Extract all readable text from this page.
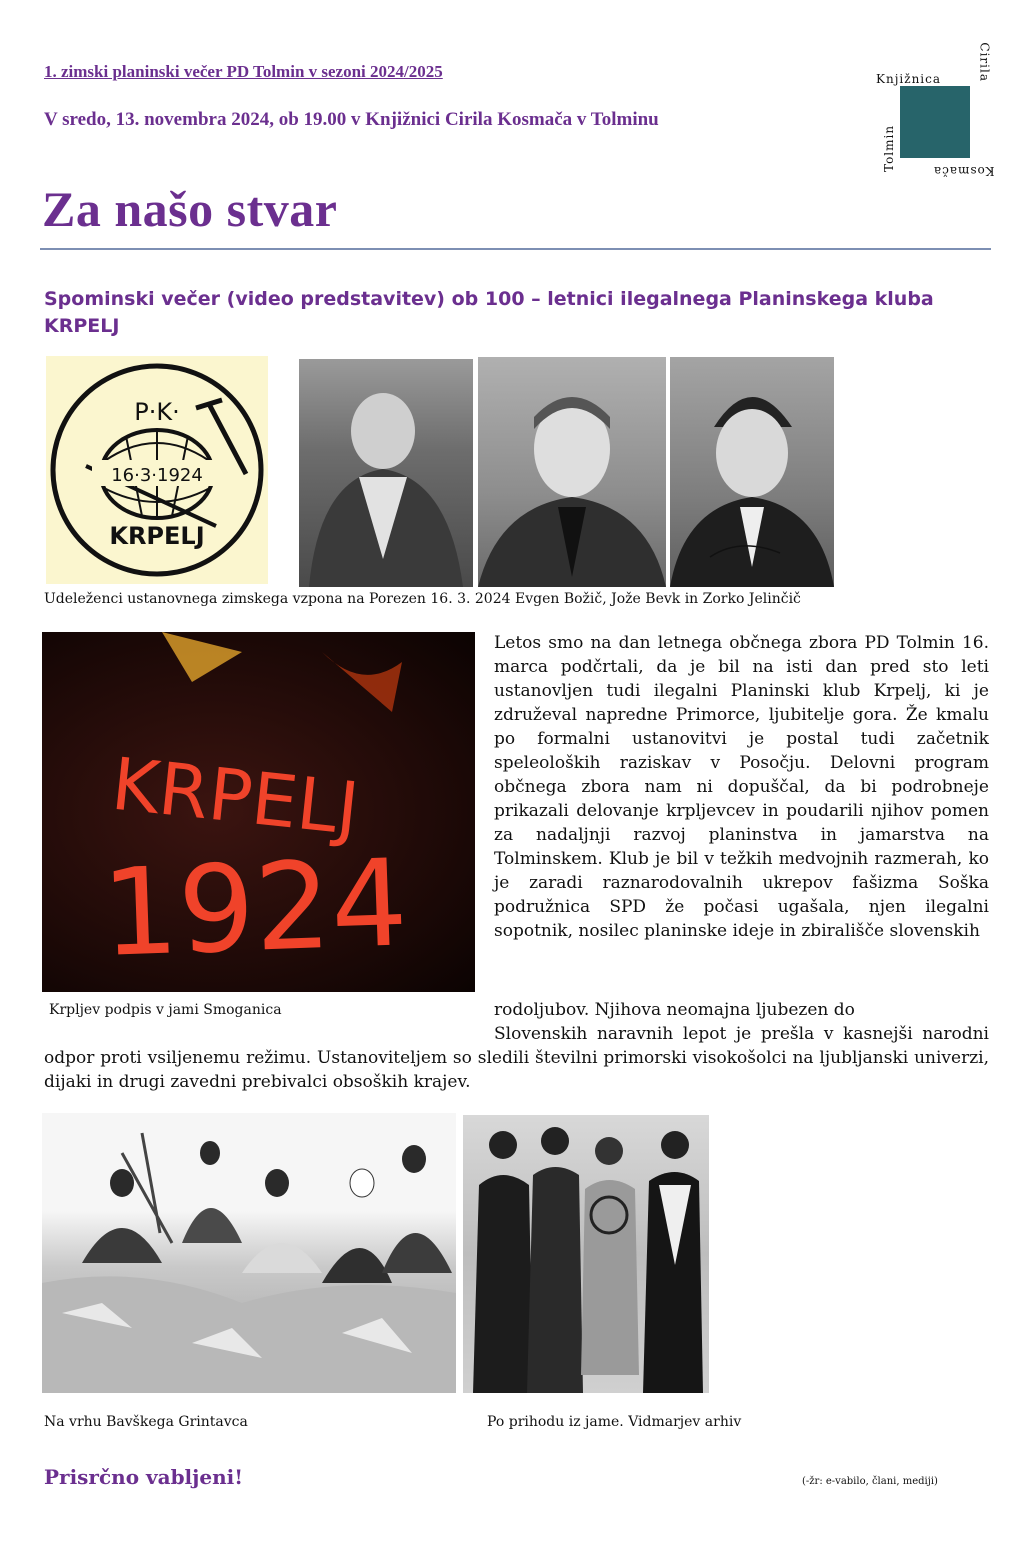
1. zimski planinski večer PD Tolmin v sezoni 2024/2025
V sredo, 13. novembra 2024, ob 19.00 v Knjižnici Cirila Kosmača v Tolminu
Za našo stvar
Spominski večer (video predstavitev) ob 100 – letnici ilegalnega Planinskega kluba KRPELJ
Knjižnica	Cirila
Tolmin	Kosmača
P·K·
16·3·1924
KRPELJ
Udeleženci ustanovnega zimskega vzpona na Porezen 16. 3. 2024 Evgen Božič, Jože Bevk in Zorko Jelinčič
KRPELJ
1924
Krpljev podpis v jami Smoganica
Letos smo na dan letnega občnega zbora PD Tolmin 16. marca podčrtali, da je bil na isti dan pred sto leti ustanovljen tudi ilegalni Planinski klub Krpelj, ki je združeval napredne Primorce, ljubitelje gora. Že kmalu po formalni ustanovitvi je postal tudi začetnik speleoloških raziskav v Posočju. Delovni program občnega zbora nam ni dopuščal, da bi podrobneje prikazali delovanje krpljevcev in poudarili njihov pomen za nadaljnji razvoj planinstva in jamarstva na Tolminskem. Klub je bil v težkih medvojnih razmerah, ko je zaradi raznarodovalnih ukrepov fašizma Soška podružnica SPD že počasi ugašala, njen ilegalni sopotnik, nosilec planinske ideje in zbirališče slovenskih
rodoljubov. Njihova neomajna ljubezen do
Slovenskih naravnih lepot je prešla v kasnejši narodni odpor proti vsiljenemu režimu. Ustanoviteljem so sledili številni primorski visokošolci na ljubljanski univerzi, dijaki in drugi zavedni prebivalci obsoških krajev.
Na vrhu Bavškega Grintavca	Po prihodu iz jame. Vidmarjev arhiv
Prisrčno vabljeni!	(-žr: e-vabilo, člani, mediji)
